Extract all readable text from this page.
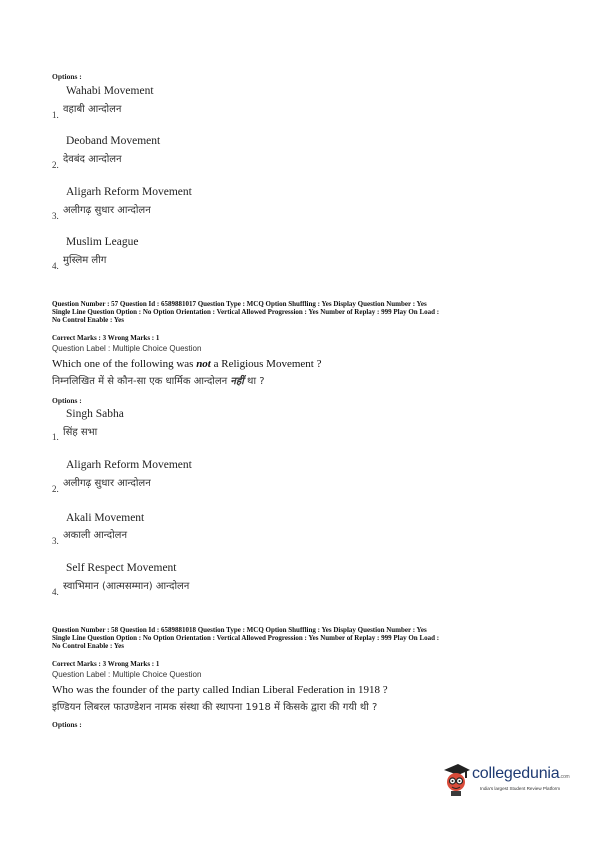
Options :
Wahabi Movement
1. वहाबी आन्दोलन
Deoband Movement
2. देवबंद आन्दोलन
Aligarh Reform Movement
3. अलीगढ़ सुधार आन्दोलन
Muslim League
4. मुस्लिम लीग
Question Number : 57 Question Id : 6589881017 Question Type : MCQ Option Shuffling : Yes Display Question Number : Yes
Single Line Question Option : No Option Orientation : Vertical Allowed Progression : Yes Number of Replay : 999 Play On Load :
No Control Enable : Yes
Correct Marks : 3 Wrong Marks : 1
Question Label : Multiple Choice Question
Which one of the following was not a Religious Movement ?
निम्नलिखित में से कौन-सा एक धार्मिक आन्दोलन नहीं था ?
Options :
Singh Sabha
1. सिंह सभा
Aligarh Reform Movement
2. अलीगढ़ सुधार आन्दोलन
Akali Movement
3. अकाली आन्दोलन
Self Respect Movement
4. स्वाभिमान (आत्मसम्मान) आन्दोलन
Question Number : 58 Question Id : 6589881018 Question Type : MCQ Option Shuffling : Yes Display Question Number : Yes
Single Line Question Option : No Option Orientation : Vertical Allowed Progression : Yes Number of Replay : 999 Play On Load :
No Control Enable : Yes
Correct Marks : 3 Wrong Marks : 1
Question Label : Multiple Choice Question
Who was the founder of the party called Indian Liberal Federation in 1918 ?
इण्डियन लिबरल फाउण्डेशन नामक संस्था की स्थापना 1918 में किसके द्वारा की गयी थी ?
Options :
collegedunia.com
India's largest Student Review Platform
